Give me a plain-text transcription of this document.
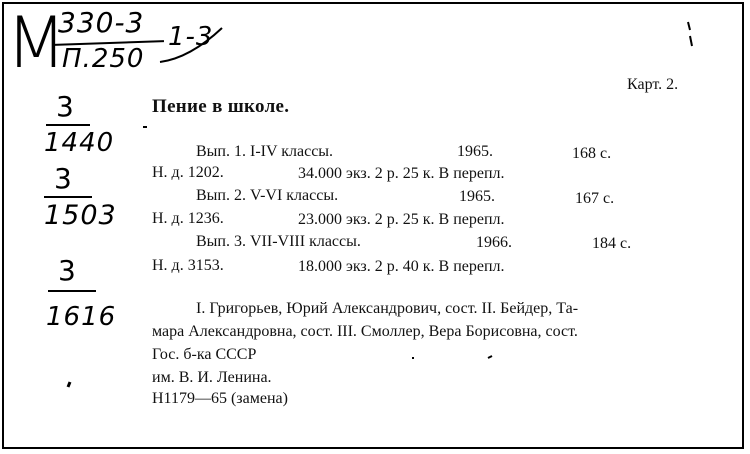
M
330-3
П.250
1-3
3
1440
3
1503
3
1616
Карт. 2.
Пение в школе.
Вып. 1. I-IV классы.	1965.	168 с.
Н. д. 1202.	34.000 экз. 2 р. 25 к. В перепл.
Вып. 2. V-VI классы.	1965.	167 с.
Н. д. 1236.	23.000 экз. 2 р. 25 к. В перепл.
Вып. 3. VII-VIII классы.	1966.	184 с.
Н. д. 3153.	18.000 экз. 2 р. 40 к. В перепл.
I. Григорьев, Юрий Александрович, сост. II. Бейдер, Та-
мара Александровна, сост. III. Смоллер, Вера Борисовна, сост.
Гос. б-ка СССР
им. В. И. Ленина.
Н1179—65 (замена)
